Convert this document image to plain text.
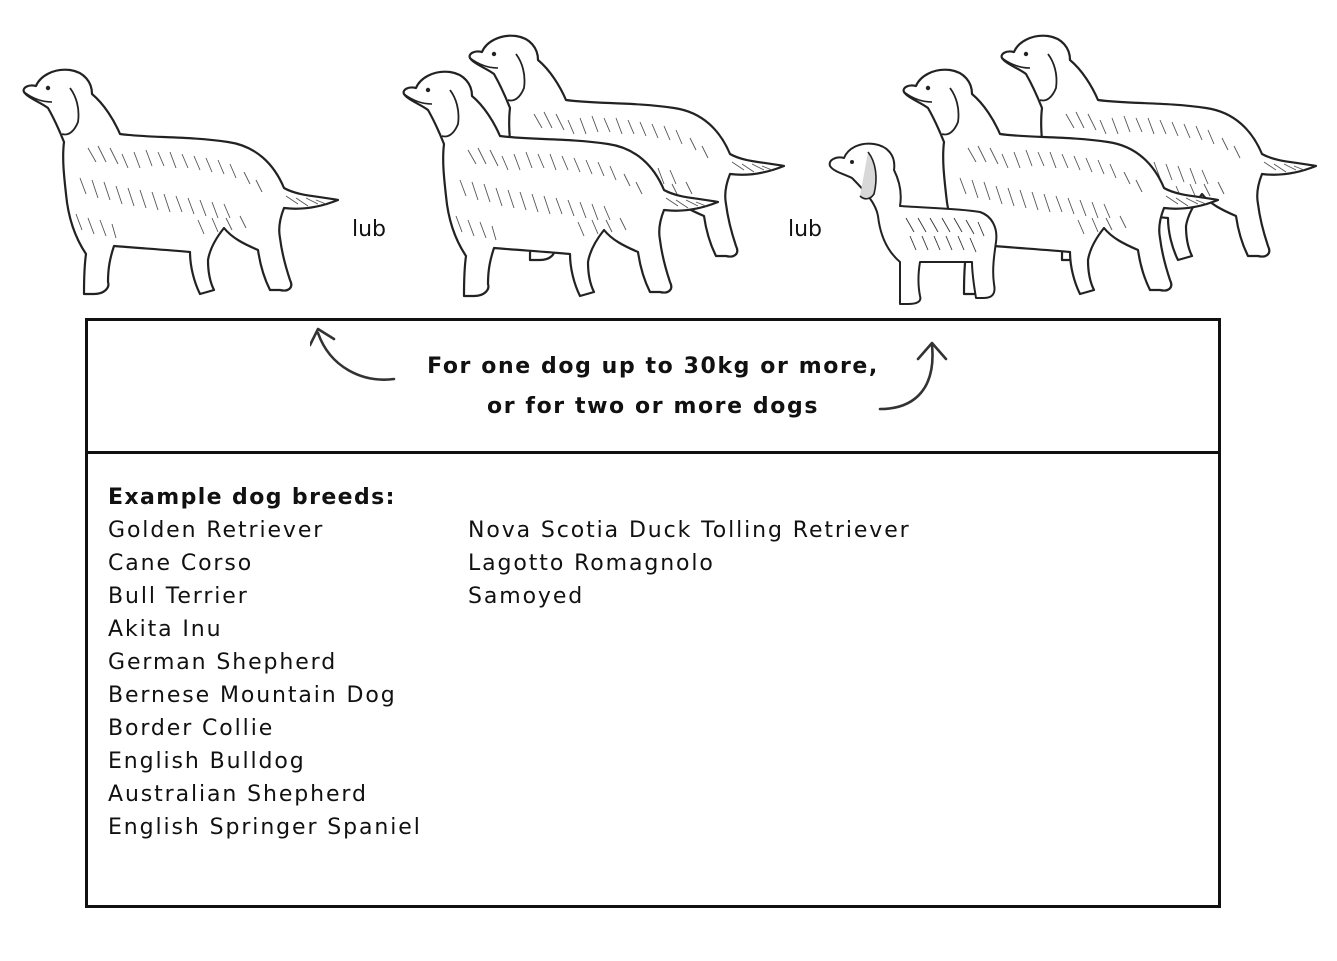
lub	lub
For one dog up to 30kg or more,
or for two or more dogs

Example dog breeds:

Golden Retriever
Cane Corso
Bull Terrier
Akita Inu
German Shepherd
Bernese Mountain Dog
Border Collie
English Bulldog
Australian Shepherd
English Springer Spaniel
Nova Scotia Duck Tolling Retriever
Lagotto Romagnolo
Samoyed
